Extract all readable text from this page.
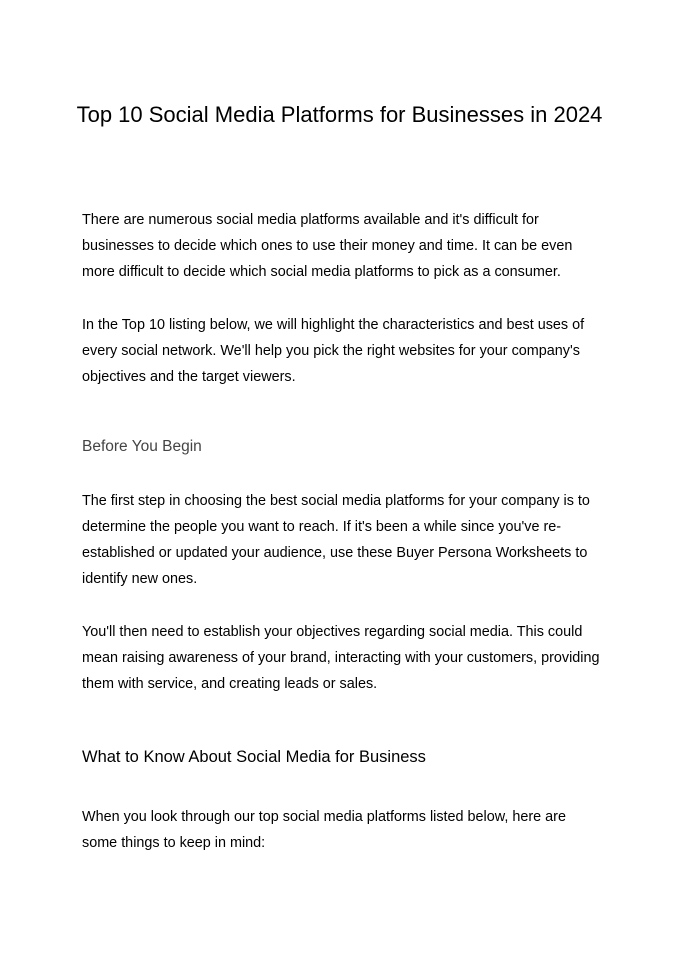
Top 10 Social Media Platforms for Businesses in 2024

There are numerous social media platforms available and it's difficult for businesses to decide which ones to use their money and time. It can be even more difficult to decide which social media platforms to pick as a consumer.

In the Top 10 listing below, we will highlight the characteristics and best uses of every social network. We'll help you pick the right websites for your company's objectives and the target viewers.

Before You Begin

The first step in choosing the best social media platforms for your company is to determine the people you want to reach. If it's been a while since you've re-established or updated your audience, use these Buyer Persona Worksheets to identify new ones.

You'll then need to establish your objectives regarding social media. This could mean raising awareness of your brand, interacting with your customers, providing them with service, and creating leads or sales.

What to Know About Social Media for Business

When you look through our top social media platforms listed below, here are some things to keep in mind:
